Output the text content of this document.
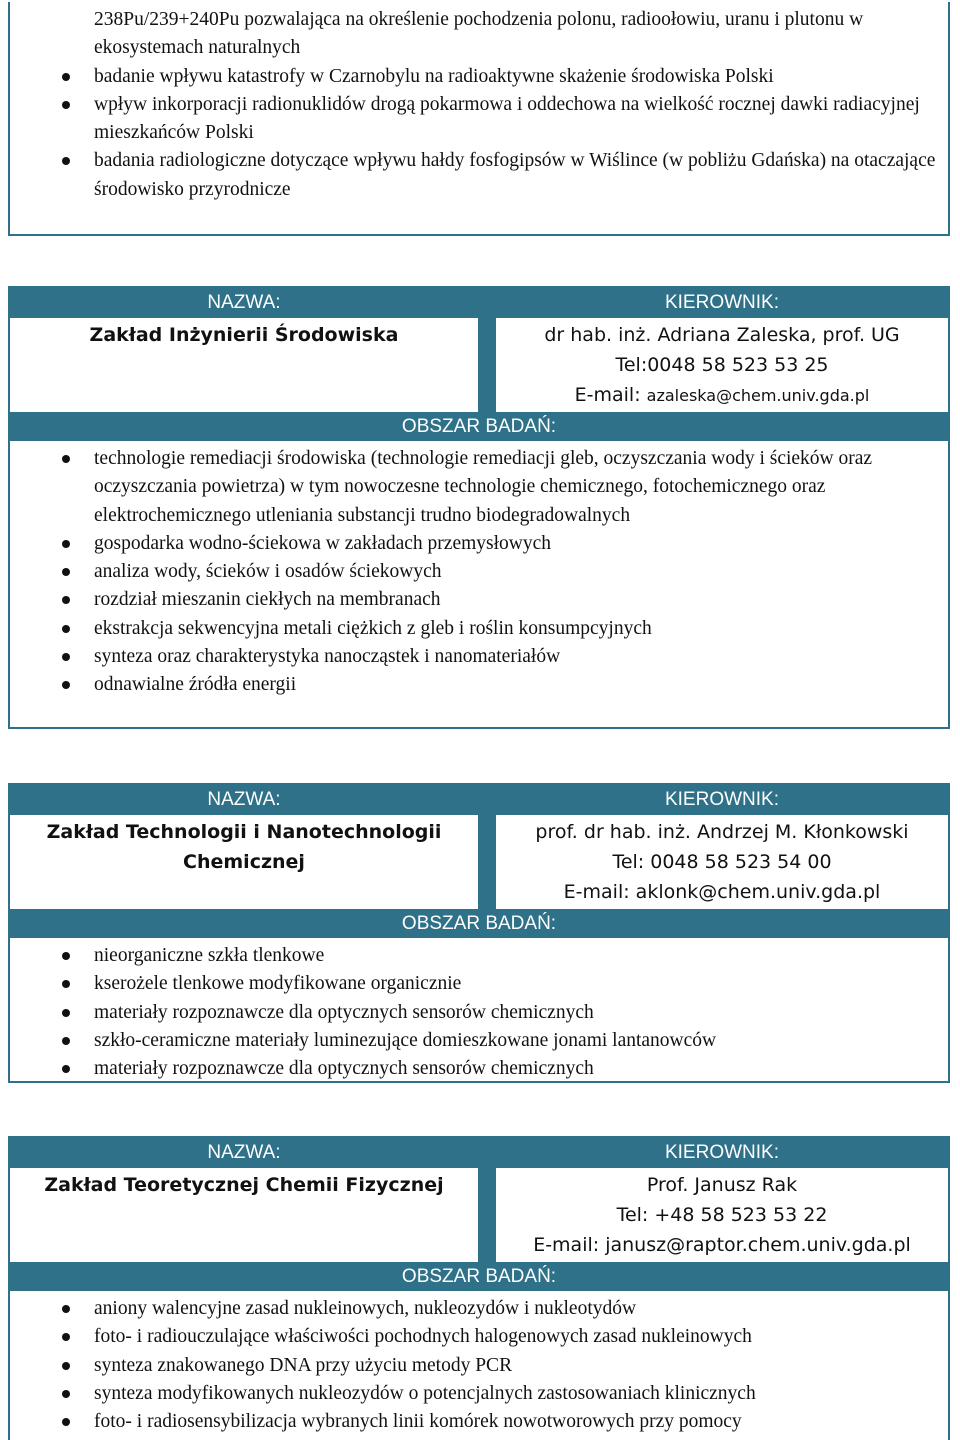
238Pu/239+240Pu pozwalająca na określenie pochodzenia polonu, radioołowiu, uranu i plutonu w ekosystemach naturalnych
badanie wpływu katastrofy w Czarnobylu na radioaktywne skażenie środowiska Polski
wpływ inkorporacji radionuklidów drogą pokarmowa i oddechowa na wielkość rocznej dawki radiacyjnej mieszkańców Polski
badania radiologiczne dotyczące wpływu hałdy fosfogipsów w Wiślince (w pobliżu Gdańska) na otaczające środowisko przyrodnicze
NAZWA:
Zakład Inżynierii Środowiska
KIEROWNIK:
dr hab. inż. Adriana Zaleska, prof. UG
Tel:0048 58 523 53 25
E-mail: azaleska@chem.univ.gda.pl
OBSZAR BADAŃ:
technologie remediacji środowiska (technologie remediacji gleb, oczyszczania wody i ścieków oraz oczyszczania powietrza) w tym nowoczesne technologie chemicznego, fotochemicznego oraz elektrochemicznego utleniania substancji trudno biodegradowalnych
gospodarka wodno-ściekowa w zakładach przemysłowych
analiza wody, ścieków i osadów ściekowych
rozdział mieszanin ciekłych na membranach
ekstrakcja sekwencyjna metali ciężkich z gleb i roślin konsumpcyjnych
synteza oraz charakterystyka nanocząstek i nanomateriałów
odnawialne źródła energii
NAZWA:
Zakład Technologii i Nanotechnologii
Chemicznej
KIEROWNIK:
prof. dr hab. inż. Andrzej M. Kłonkowski
Tel: 0048 58 523 54 00
E-mail: aklonk@chem.univ.gda.pl
OBSZAR BADAŃ:
nieorganiczne szkła tlenkowe
kserożele tlenkowe modyfikowane organicznie
materiały rozpoznawcze dla optycznych sensorów chemicznych
szkło-ceramiczne materiały luminezujące domieszkowane jonami lantanowców
materiały rozpoznawcze dla optycznych sensorów chemicznych
NAZWA:
Zakład Teoretycznej Chemii Fizycznej
KIEROWNIK:
Prof. Janusz Rak
Tel: +48 58 523 53 22
E-mail: janusz@raptor.chem.univ.gda.pl
OBSZAR BADAŃ:
aniony walencyjne zasad nukleinowych, nukleozydów i nukleotydów
foto- i radiouczulające właściwości pochodnych halogenowych zasad nukleinowych
synteza znakowanego DNA przy użyciu metody PCR
synteza modyfikowanych nukleozydów o potencjalnych zastosowaniach klinicznych
foto- i radiosensybilizacja wybranych linii komórek nowotworowych przy pomocy
